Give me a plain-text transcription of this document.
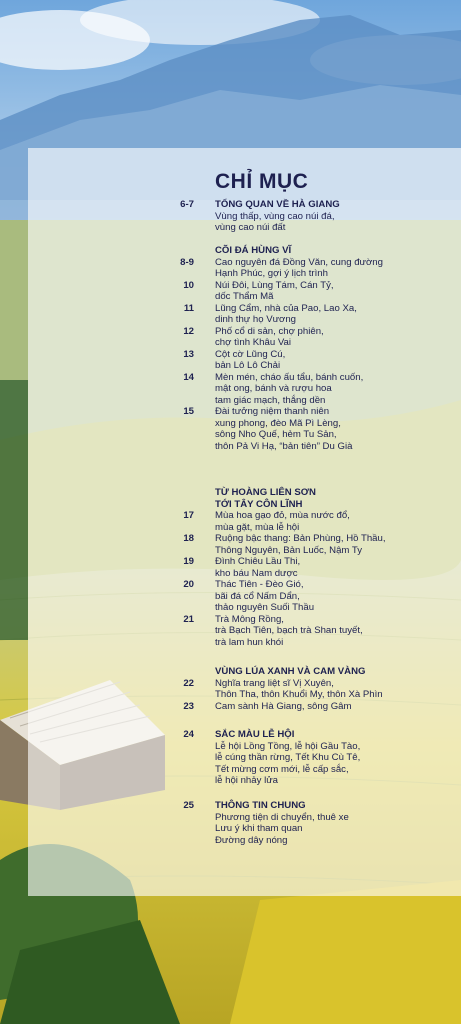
CHỈ MỤC
6-7 TỔNG QUAN VỀ HÀ GIANG
Vùng thấp, vùng cao núi đá,
vùng cao núi đất
CÕI ĐÁ HÙNG VĨ
8-9 Cao nguyên đá Đồng Văn, cung đường
Hạnh Phúc, gợi ý lịch trình
10 Núi Đôi, Lùng Tám, Cán Tỷ,
dốc Thẩm Mã
11 Lũng Cẩm, nhà của Pao, Lao Xa,
dinh thự họ Vương
12 Phố cổ di sản, chợ phiên,
chợ tình Khâu Vai
13 Cột cờ Lũng Cú,
bản Lô Lô Chải
14 Mèn mén, cháo ấu tẩu, bánh cuốn,
mật ong, bánh và rượu hoa
tam giác mạch, thắng dền
15 Đài tưởng niệm thanh niên
xung phong, đèo Mã Pì Lèng,
sông Nho Quế, hẻm Tu Sản,
thôn Pả Vi Hạ, “bản tiên” Du Già
TỪ HOÀNG LIÊN SƠN
TỚI TÂY CÔN LĨNH
17 Mùa hoa gạo đỏ, mùa nước đổ,
mùa gặt, mùa lễ hội
18 Ruộng bậc thang: Bản Phùng, Hồ Thầu,
Thông Nguyên, Bản Luốc, Nậm Ty
19 Đình Chiêu Lầu Thi,
kho báu Nam dược
20 Thác Tiên - Đèo Gió,
bãi đá cổ Nấm Dẩn,
thảo nguyên Suối Thầu
21 Trà Mông Rồng,
trà Bạch Tiên, bạch trà Shan tuyết,
trà lam hun khói
VÙNG LÚA XANH VÀ CAM VÀNG
22 Nghĩa trang liệt sĩ Vị Xuyên,
Thôn Tha, thôn Khuổi My, thôn Xà Phìn
23 Cam sành Hà Giang, sông Gâm
24 SẮC MÀU LỄ HỘI
Lễ hội Lồng Tồng, lễ hội Gầu Tào,
lễ cúng thần rừng, Tết Khu Cù Tê,
Tết mừng cơm mới, lễ cấp sắc,
lễ hội nhảy lửa
25 THÔNG TIN CHUNG
Phương tiện di chuyển, thuê xe
Lưu ý khi tham quan
Đường dây nóng
